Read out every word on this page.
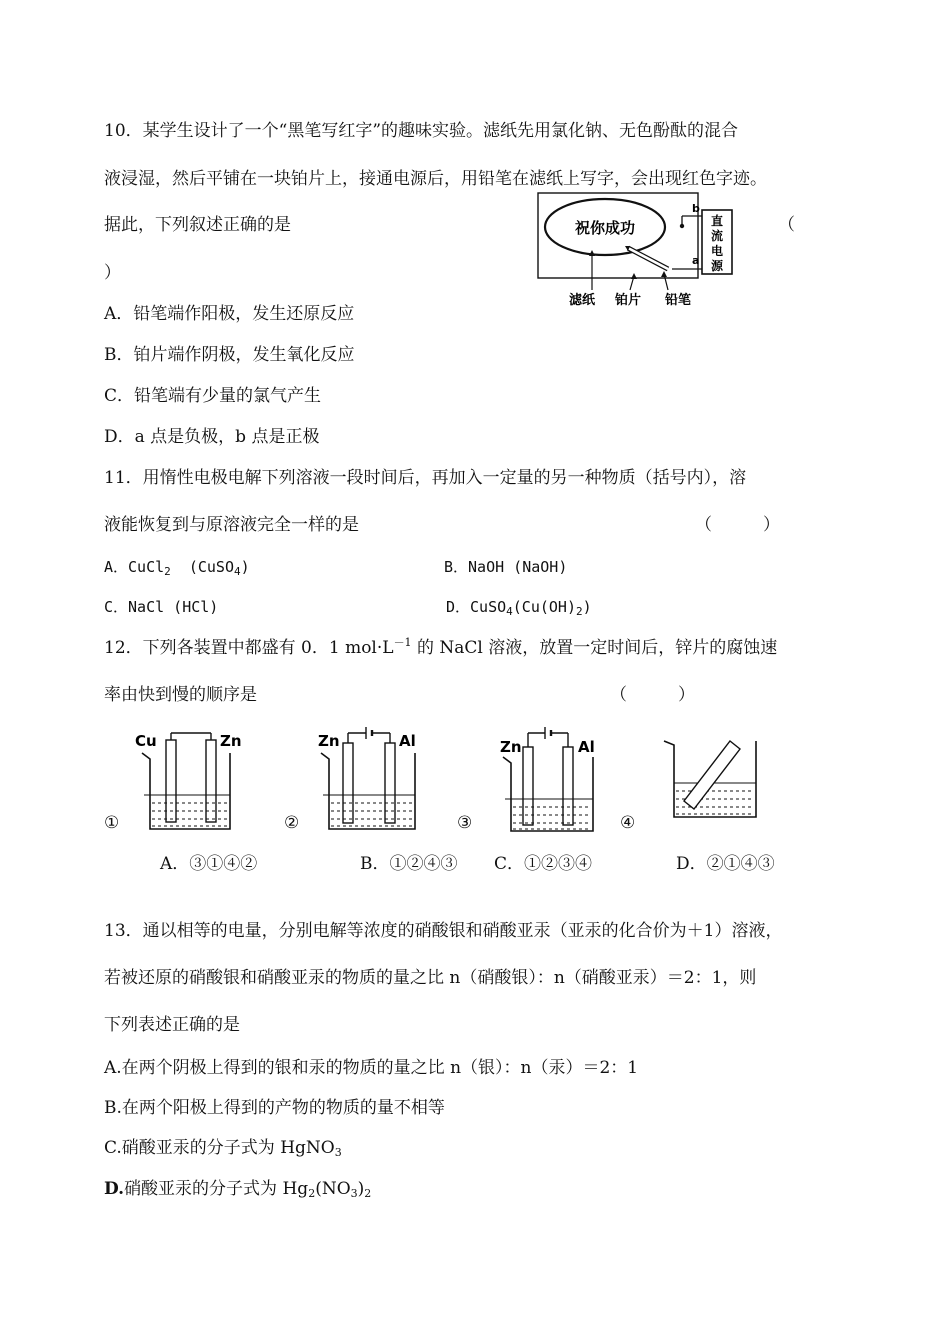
10．某学生设计了一个“黑笔写红字”的趣味实验。滤纸先用氯化钠、无色酚酞的混合
液浸湿，然后平铺在一块铂片上，接通电源后，用铅笔在滤纸上写字，会出现红色字迹。
据此，下列叙述正确的是	（
）
祝你成功	直
流
电
源
b
a
滤纸 铂片 铅笔
A．铅笔端作阳极，发生还原反应
B．铂片端作阴极，发生氧化反应
C．铅笔端有少量的氯气产生
D．a 点是负极，b 点是正极
11．用惰性电极电解下列溶液一段时间后，再加入一定量的另一种物质（括号内），溶
液能恢复到与原溶液完全一样的是	（　　　）
A．CuCl$_2$  (CuSO$_4$)	B．NaOH (NaOH)
C．NaCl (HCl)	D．$CuSO_4(Cu(OH)_2)$
12．下列各装置中都盛有 0．1 $mol\cdot L^{-1}$ 的 NaCl 溶液，放置一定时间后，锌片的腐蚀速
率由快到慢的顺序是	（　　　）
①	②	③	④
Cu	Zn	Zn	Al	Zn	Al
A．③①④②	B．①②④③ C．①②③④	D．②①④③
13．通以相等的电量，分别电解等浓度的硝酸银和硝酸亚汞（亚汞的化合价为＋1）溶液，
若被还原的硝酸银和硝酸亚汞的物质的量之比 n（硝酸银）：n（硝酸亚汞）＝2：1，则
下列表述正确的是
A.在两个阴极上得到的银和汞的物质的量之比 n（银）：n（汞）＝2：1
B.在两个阳极上得到的产物的物质的量不相等
C.硝酸亚汞的分子式为 HgNO$_3$
D.硝酸亚汞的分子式为 $Hg_2(NO_3)_2$
